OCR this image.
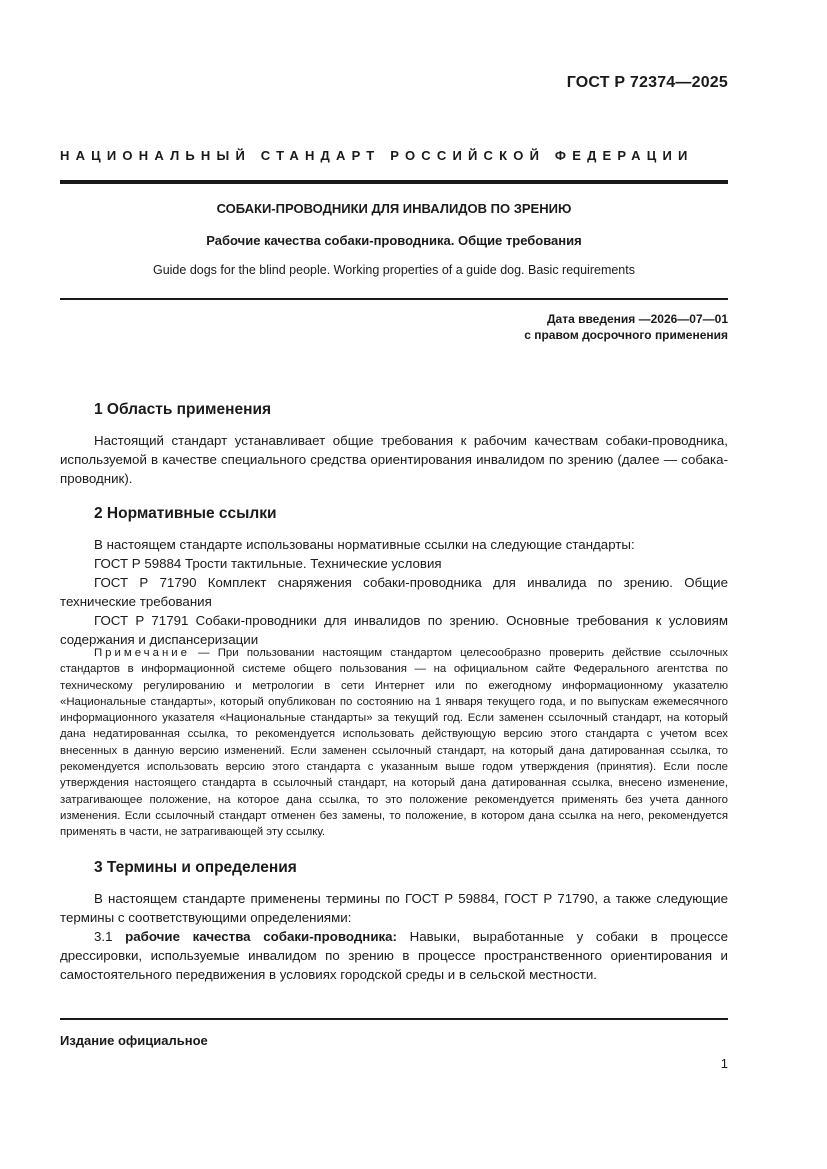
ГОСТ Р 72374—2025
НАЦИОНАЛЬНЫЙ СТАНДАРТ РОССИЙСКОЙ ФЕДЕРАЦИИ
СОБАКИ-ПРОВОДНИКИ ДЛЯ ИНВАЛИДОВ ПО ЗРЕНИЮ
Рабочие качества собаки-проводника. Общие требования
Guide dogs for the blind people. Working properties of a guide dog. Basic requirements
Дата введения —2026—07—01
с правом досрочного применения
1 Область применения

Настоящий стандарт устанавливает общие требования к рабочим качествам собаки-проводника, используемой в качестве специального средства ориентирования инвалидом по зрению (далее — собака-проводник).

2 Нормативные ссылки

В настоящем стандарте использованы нормативные ссылки на следующие стандарты:

ГОСТ Р 59884 Трости тактильные. Технические условия

ГОСТ Р 71790 Комплект снаряжения собаки-проводника для инвалида по зрению. Общие технические требования

ГОСТ Р 71791 Собаки-проводники для инвалидов по зрению. Основные требования к условиям содержания и диспансеризации

Примечание — При пользовании настоящим стандартом целесообразно проверить действие ссылочных стандартов в информационной системе общего пользования — на официальном сайте Федерального агентства по техническому регулированию и метрологии в сети Интернет или по ежегодному информационному указателю «Национальные стандарты», который опубликован по состоянию на 1 января текущего года, и по выпускам ежемесячного информационного указателя «Национальные стандарты» за текущий год. Если заменен ссылочный стандарт, на который дана недатированная ссылка, то рекомендуется использовать действующую версию этого стандарта с учетом всех внесенных в данную версию изменений. Если заменен ссылочный стандарт, на который дана датированная ссылка, то рекомендуется использовать версию этого стандарта с указанным выше годом утверждения (принятия). Если после утверждения настоящего стандарта в ссылочный стандарт, на который дана датированная ссылка, внесено изменение, затрагивающее положение, на которое дана ссылка, то это положение рекомендуется применять без учета данного изменения. Если ссылочный стандарт отменен без замены, то положение, в котором дана ссылка на него, рекомендуется применять в части, не затрагивающей эту ссылку.

3 Термины и определения

В настоящем стандарте применены термины по ГОСТ Р 59884, ГОСТ Р 71790, а также следующие термины с соответствующими определениями:

3.1 рабочие качества собаки-проводника: Навыки, выработанные у собаки в процессе дрессировки, используемые инвалидом по зрению в процессе пространственного ориентирования и самостоятельного передвижения в условиях городской среды и в сельской местности.

Издание официальное
1
